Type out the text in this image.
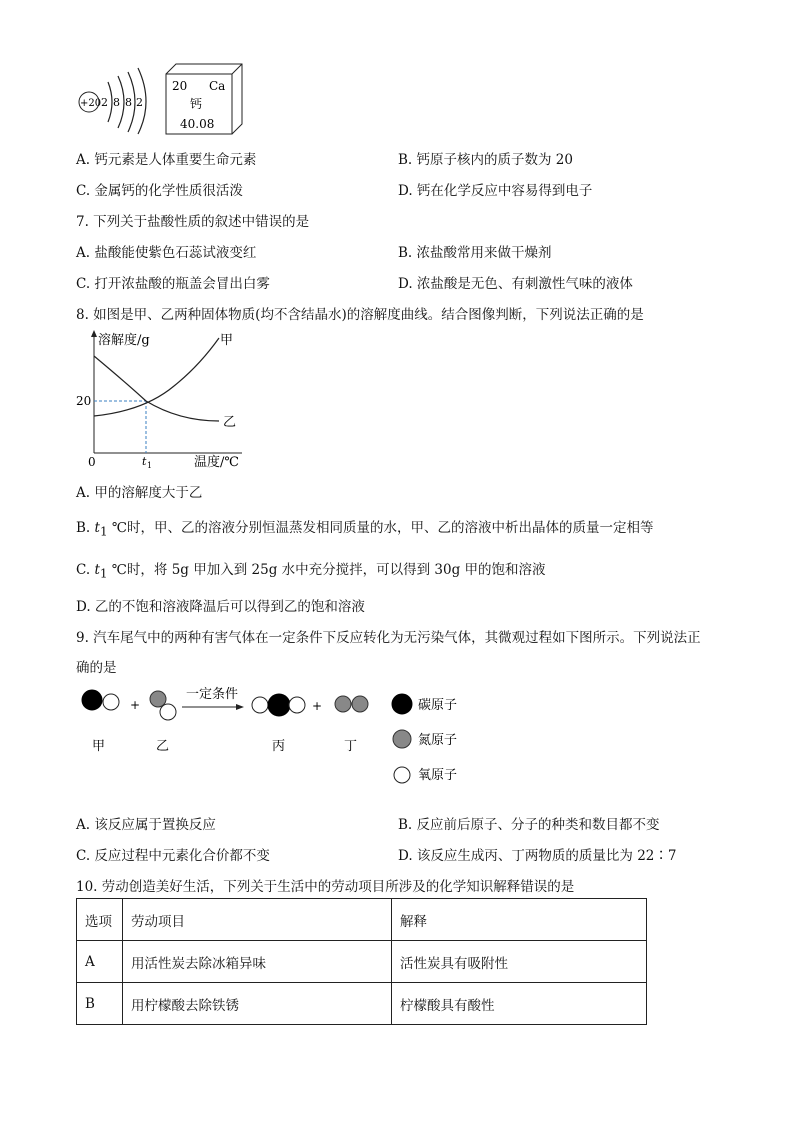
+20 2 8 8 2
20 Ca
钙
40.08
A. 钙元素是人体重要生命元素	B. 钙原子核内的质子数为 20
C. 金属钙的化学性质很活泼	D. 钙在化学反应中容易得到电子
7. 下列关于盐酸性质的叙述中错误的是
A. 盐酸能使紫色石蕊试液变红	B. 浓盐酸常用来做干燥剂
C. 打开浓盐酸的瓶盖会冒出白雾	D. 浓盐酸是无色、有刺激性气味的液体
8. 如图是甲、乙两种固体物质(均不含结晶水)的溶解度曲线。结合图像判断，下列说法正确的是
溶解度/g
温度/℃
0
20
t 1
甲
乙
A. 甲的溶解度大于乙
B. $t_1$ ℃时，甲、乙的溶液分别恒温蒸发相同质量的水，甲、乙的溶液中析出晶体的质量一定相等
C. $t_1$ ℃时，将 5g 甲加入到 25g 水中充分搅拌，可以得到 30g 甲的饱和溶液
D. 乙的不饱和溶液降温后可以得到乙的饱和溶液
9. 汽车尾气中的两种有害气体在一定条件下反应转化为无污染气体，其微观过程如下图所示。下列说法正
确的是
+
一定条件
+
甲	乙	丙	丁
碳原子
氮原子
氧原子
A. 该反应属于置换反应	B. 反应前后原子、分子的种类和数目都不变
C. 反应过程中元素化合价都不变	D. 该反应生成丙、丁两物质的质量比为 22∶7
10. 劳动创造美好生活，下列关于生活中的劳动项目所涉及的化学知识解释错误的是
选项	劳动项目	解释
A	用活性炭去除冰箱异味	活性炭具有吸附性
B	用柠檬酸去除铁锈	柠檬酸具有酸性
